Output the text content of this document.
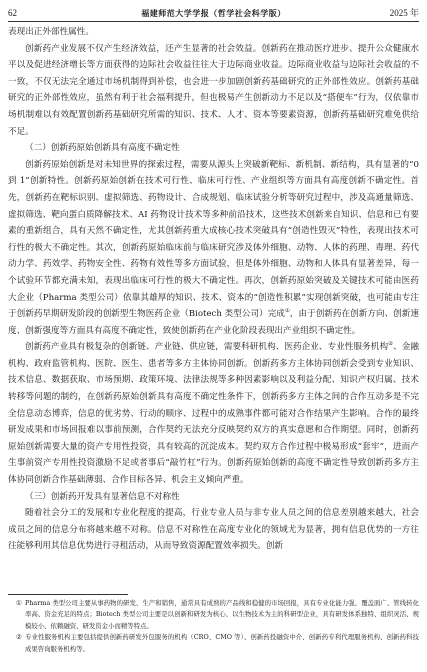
62	福建师范大学学报（哲学社会科学版）	2025 年

表现出正外部性属性。

创新药产业发展不仅产生经济效益，还产生显著的社会效益。创新药在推动医疗进步、提升公众健康水平以及促进经济增长等方面获得的边际社会收益往往大于边际商业收益。边际商业收益与边际社会收益的不一致，不仅无法完全通过市场机制得到补偿，也会进一步加剧创新药基础研究的正外部性效应。创新药基础研究的正外部性效应，虽然有利于社会福利提升，但也极易产生创新动力不足以及“搭便车”行为，仅依靠市场机制难以有效配置创新药基础研究所需的知识、技术、人才、资本等要素资源，创新药基础研究难免供给不足。

（二）创新药原始创新具有高度不确定性

创新药原始创新是对未知世界的探索过程，需要从源头上突破新靶标、新机制、新结构，具有显著的“0 到 1”创新特性。创新药原始创新在技术可行性、临床可行性、产业组织等方面具有高度创新不确定性。首先，创新药在靶标识别、虚拟筛选、药物设计、合成规划、临床试验分析等研究过程中，涉及高通量筛选、虚拟筛选、靶向蛋白质降解技术、AI 药物设计技术等多种前沿技术，这些技术创新来自知识、信息和已有要素的重新组合，具有天然不确定性，尤其创新药重大成核心技术突破具有“创造性毁灭”特性，表现出技术可行性的极大不确定性。其次，创新药原始临床前与临床研究涉及体外细胞、动物、人体的药理、毒理、药代动力学、药效学、药物安全性、药物有效性等多方面试验，但是体外细胞、动物和人体具有显著差异，每一个试验环节都充满未知，表现出临床可行性的极大不确定性。再次，创新药原始突破及关键技术可能由医药大企业（Pharma 类型公司）依靠其雄厚的知识、技术、资本的“创造性积累”实现创新突破，也可能由专注于创新药早期研发阶段的创新型生物医药企业（Biotech 类型公司）完成①，由于创新药在创新方向、创新速度、创新强度等方面具有高度不确定性，致使创新药在产业化阶段表现出产业组织不确定性。

创新药产业具有极复杂的创新链、产业链、供应链，需要科研机构、医药企业、专业性服务机构②、金融机构、政府监管机构、医院、医生、患者等多方主体协同创新。创新药多方主体协同创新会受到专业知识、技术信息、数据获取、市场预期、政策环境、法律法规等多种因素影响以及利益分配、知识产权归属、技术转移等问题的制约，在创新药原始创新具有高度不确定性条件下，创新药多方主体之间的合作互动多是不完全信息动态博弈，信息的优劣势、行动的顺序、过程中的成熟事件都可能对合作结果产生影响。合作的最终研发成果和市场回报难以事前预测，合作契约无法充分反映契约双方的真实意愿和合作期望。同时，创新药原始创新需要大量的资产专用性投资，具有较高的沉淀成本。契约双方合作过程中极易形成“套牢”，进而产生事前资产专用性投资激励不足或者事后“敲竹杠”行为。创新药原始创新的高度不确定性导致创新药多方主体协同创新合作基础薄弱、合作目标各异、机会主义倾向严重。

（三）创新药开发具有显著信息不对称性

随着社会分工的发展和专业化程度的提高，行业专业人员与非专业人员之间的信息差别越来越大，社会成员之间的信息分布将越来越不对称。信息不对称性在高度专业化的领域尤为显著，拥有信息优势的一方往往能够利用其信息优势进行寻租活动，从而导致资源配置效率损失。创新

① Pharma 类型公司主要从事药物的研发、生产和销售，通常具有成熟的产品线和稳健的市场回报，具有专业化能力强、覆盖面广、管线转化率高、资金充足的特点；Biotech 类型公司主要是以创新和研发为核心、以生物技术为主的科研型企业，具有研发体系独特、组织灵活、规模较小、依赖融资、研发资金小而精等特点。

② 专业性服务机构主要包括提供创新药研发外包服务的机构（CRO、CMO 等）、创新药投融资中介、创新药专利代理服务机构、创新药科技成果咨询服务机构等。
